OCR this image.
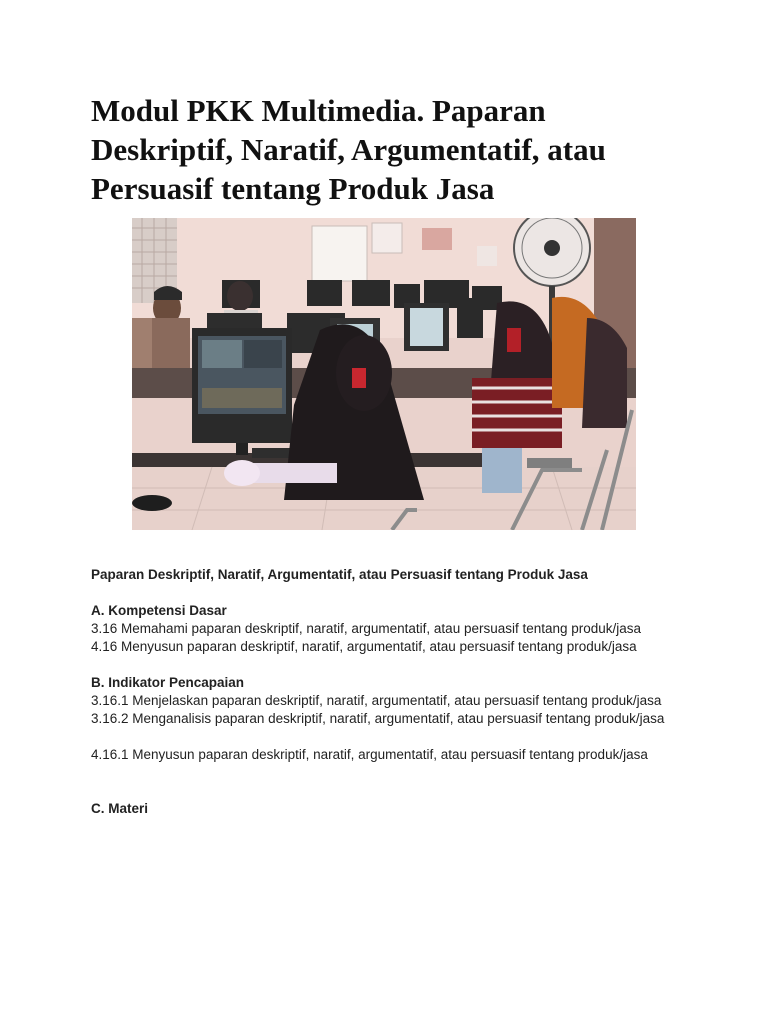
Modul PKK Multimedia. Paparan Deskriptif, Naratif, Argumentatif, atau Persuasif tentang Produk Jasa

Paparan Deskriptif, Naratif, Argumentatif, atau Persuasif tentang Produk Jasa

A. Kompetensi Dasar

3.16 Memahami paparan deskriptif, naratif, argumentatif, atau persuasif tentang produk/jasa

4.16 Menyusun paparan deskriptif, naratif, argumentatif, atau persuasif tentang produk/jasa

B. Indikator Pencapaian

3.16.1 Menjelaskan paparan deskriptif, naratif, argumentatif, atau persuasif tentang produk/jasa

3.16.2 Menganalisis paparan deskriptif, naratif, argumentatif, atau persuasif tentang produk/jasa

4.16.1 Menyusun paparan deskriptif, naratif, argumentatif, atau persuasif tentang produk/jasa

C. Materi
